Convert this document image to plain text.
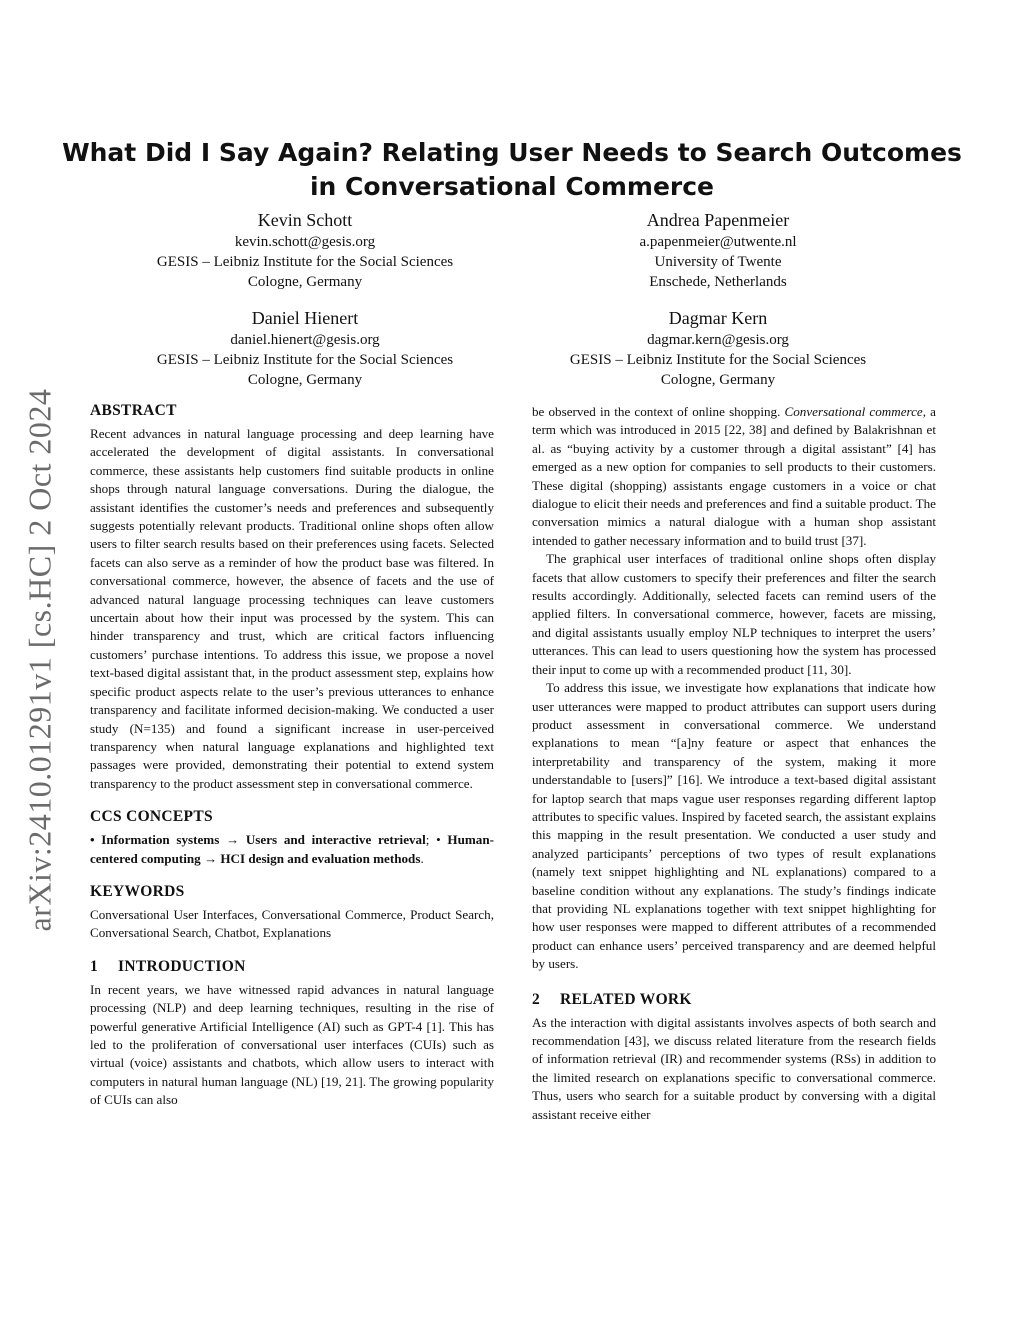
arXiv:2410.01291v1 [cs.HC] 2 Oct 2024
What Did I Say Again? Relating User Needs to Search Outcomes
in Conversational Commerce
Kevin Schott
kevin.schott@gesis.org
GESIS – Leibniz Institute for the Social Sciences
Cologne, Germany
Andrea Papenmeier
a.papenmeier@utwente.nl
University of Twente
Enschede, Netherlands
Daniel Hienert
daniel.hienert@gesis.org
GESIS – Leibniz Institute for the Social Sciences
Cologne, Germany
Dagmar Kern
dagmar.kern@gesis.org
GESIS – Leibniz Institute for the Social Sciences
Cologne, Germany
ABSTRACT

Recent advances in natural language processing and deep learning have accelerated the development of digital assistants. In conversational commerce, these assistants help customers find suitable products in online shops through natural language conversations. During the dialogue, the assistant identifies the customer’s needs and preferences and subsequently suggests potentially relevant products. Traditional online shops often allow users to filter search results based on their preferences using facets. Selected facets can also serve as a reminder of how the product base was filtered. In conversational commerce, however, the absence of facets and the use of advanced natural language processing techniques can leave customers uncertain about how their input was processed by the system. This can hinder transparency and trust, which are critical factors influencing customers’ purchase intentions. To address this issue, we propose a novel text-based digital assistant that, in the product assessment step, explains how specific product aspects relate to the user’s previous utterances to enhance transparency and facilitate informed decision-making. We conducted a user study (N=135) and found a significant increase in user-perceived transparency when natural language explanations and highlighted text passages were provided, demonstrating their potential to extend system transparency to the product assessment step in conversational commerce.

CCS CONCEPTS

• Information systems → Users and interactive retrieval; • Human-centered computing → HCI design and evaluation methods.

KEYWORDS

Conversational User Interfaces, Conversational Commerce, Product Search, Conversational Search, Chatbot, Explanations

1 INTRODUCTION

In recent years, we have witnessed rapid advances in natural language processing (NLP) and deep learning techniques, resulting in the rise of powerful generative Artificial Intelligence (AI) such as GPT-4 [1]. This has led to the proliferation of conversational user interfaces (CUIs) such as virtual (voice) assistants and chatbots, which allow users to interact with computers in natural human language (NL) [19, 21]. The growing popularity of CUIs can also

be observed in the context of online shopping. Conversational commerce, a term which was introduced in 2015 [22, 38] and defined by Balakrishnan et al. as “buying activity by a customer through a digital assistant” [4] has emerged as a new option for companies to sell products to their customers. These digital (shopping) assistants engage customers in a voice or chat dialogue to elicit their needs and preferences and find a suitable product. The conversation mimics a natural dialogue with a human shop assistant intended to gather necessary information and to build trust [37].

The graphical user interfaces of traditional online shops often display facets that allow customers to specify their preferences and filter the search results accordingly. Additionally, selected facets can remind users of the applied filters. In conversational commerce, however, facets are missing, and digital assistants usually employ NLP techniques to interpret the users’ utterances. This can lead to users questioning how the system has processed their input to come up with a recommended product [11, 30].

To address this issue, we investigate how explanations that indicate how user utterances were mapped to product attributes can support users during product assessment in conversational commerce. We understand explanations to mean “[a]ny feature or aspect that enhances the interpretability and transparency of the system, making it more understandable to [users]” [16]. We introduce a text-based digital assistant for laptop search that maps vague user responses regarding different laptop attributes to specific values. Inspired by faceted search, the assistant explains this mapping in the result presentation. We conducted a user study and analyzed participants’ perceptions of two types of result explanations (namely text snippet highlighting and NL explanations) compared to a baseline condition without any explanations. The study’s findings indicate that providing NL explanations together with text snippet highlighting for how user responses were mapped to different attributes of a recommended product can enhance users’ perceived transparency and are deemed helpful by users.

2 RELATED WORK

As the interaction with digital assistants involves aspects of both search and recommendation [43], we discuss related literature from the research fields of information retrieval (IR) and recommender systems (RSs) in addition to the limited research on explanations specific to conversational commerce. Thus, users who search for a suitable product by conversing with a digital assistant receive either
